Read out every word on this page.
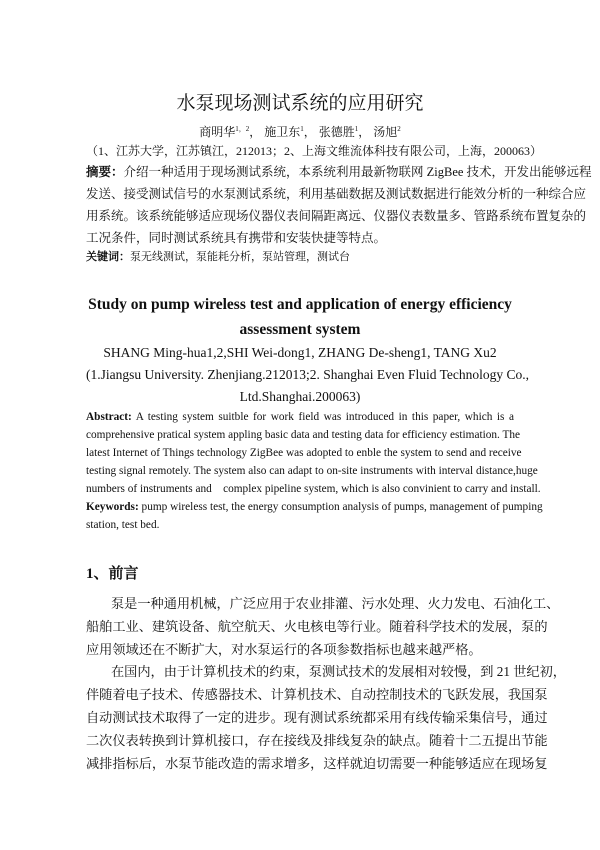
水泵现场测试系统的应用研究
商明华$^{1,2}$， 施卫东$^1$， 张德胜$^1$， 汤旭$^2$
（1、江苏大学，江苏镇江，212013；2、上海文维流体科技有限公司，上海，200063）
摘要：介绍一种适用于现场测试系统，本系统利用最新物联网 ZigBee 技术，开发出能够远程
发送、接受测试信号的水泵测试系统，利用基础数据及测试数据进行能效分析的一种综合应
用系统。该系统能够适应现场仪器仪表间隔距离远、仪器仪表数量多、管路系统布置复杂的
工况条件，同时测试系统具有携带和安装快捷等特点。
关键词：泵无线测试，泵能耗分析，泵站管理，测试台
Study on pump wireless test and application of energy efficiency
assessment system
SHANG Ming-hua1,2,SHI Wei-dong1, ZHANG De-sheng1, TANG Xu2
(1.Jiangsu University. Zhenjiang.212013;2. Shanghai Even Fluid Technology Co.,
Ltd.Shanghai.200063)
Abstract: A testing system suitble for work field was introduced in this paper, which is a
comprehensive pratical system appling basic data and testing data for efficiency estimation. The
latest Internet of Things technology ZigBee was adopted to enble the system to send and receive
testing signal remotely. The system also can adapt to on-site instruments with interval distance,huge
numbers of instruments and    complex pipeline system, which is also convinient to carry and install.
Keywords: pump wireless test, the energy consumption analysis of pumps, management of pumping
station, test bed.
1、前言
泵是一种通用机械，广泛应用于农业排灌、污水处理、火力发电、石油化工、
船舶工业、建筑设备、航空航天、火电核电等行业。随着科学技术的发展，泵的
应用领域还在不断扩大，对水泵运行的各项参数指标也越来越严格。
在国内，由于计算机技术的约束，泵测试技术的发展相对较慢，到 21 世纪初，
伴随着电子技术、传感器技术、计算机技术、自动控制技术的飞跃发展，我国泵
自动测试技术取得了一定的进步。现有测试系统都采用有线传输采集信号，通过
二次仪表转换到计算机接口，存在接线及排线复杂的缺点。随着十二五提出节能
减排指标后，水泵节能改造的需求增多，这样就迫切需要一种能够适应在现场复
